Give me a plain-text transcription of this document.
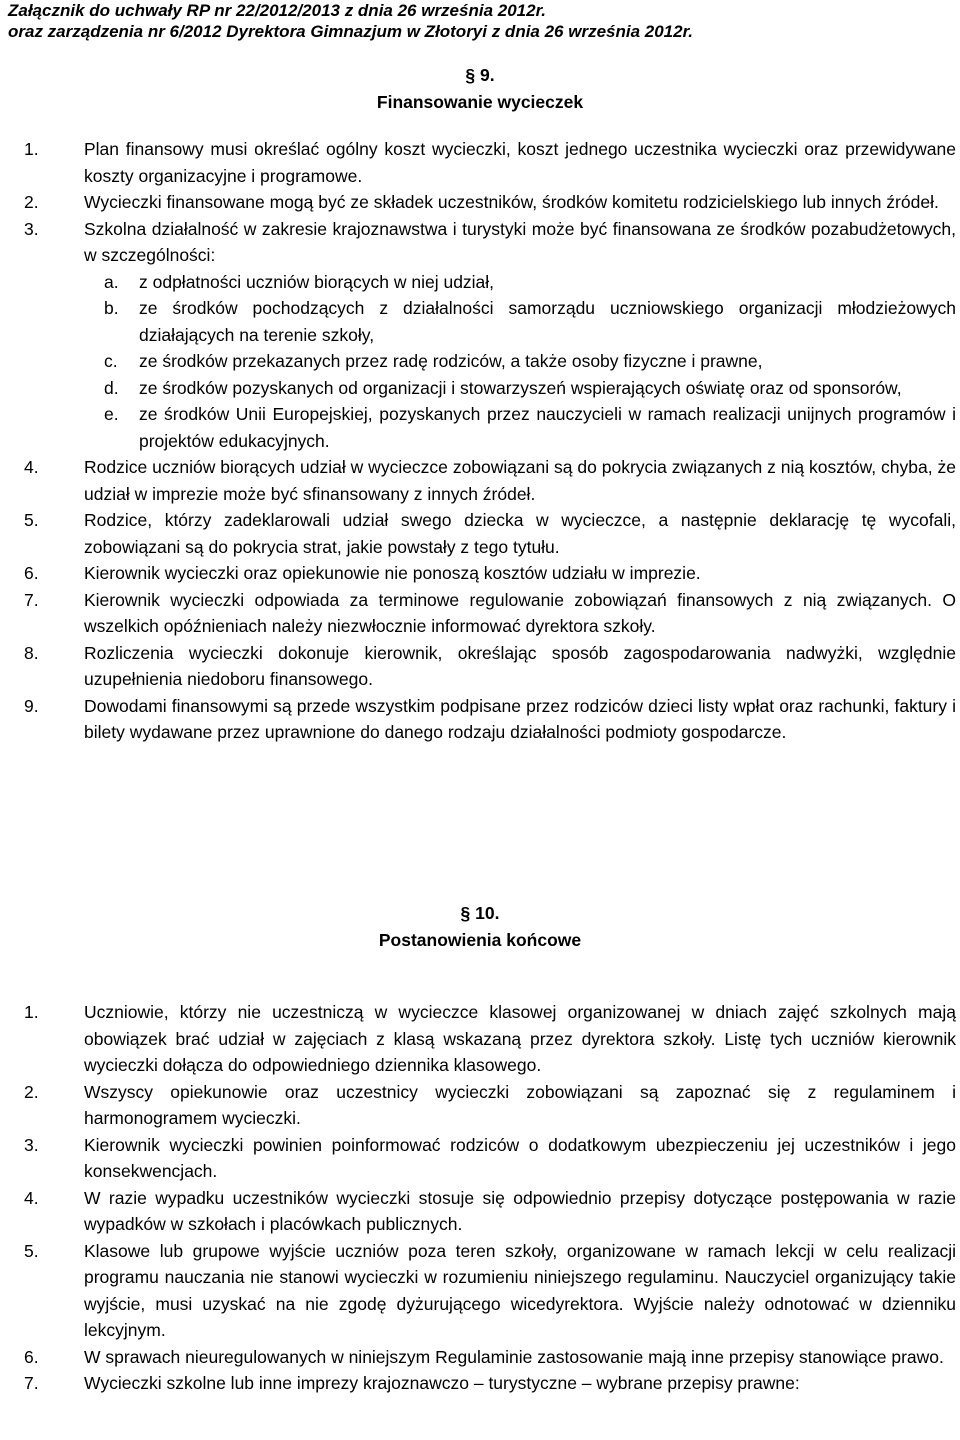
Załącznik do uchwały RP nr 22/2012/2013 z dnia 26 września 2012r.
oraz zarządzenia nr 6/2012 Dyrektora Gimnazjum w Złotoryi z dnia 26 września 2012r.
§ 9.
Finansowanie wycieczek
1.	Plan finansowy musi określać ogólny koszt wycieczki, koszt jednego uczestnika wycieczki oraz przewidywane koszty organizacyjne i programowe.
2.	Wycieczki finansowane mogą być ze składek uczestników, środków komitetu rodzicielskiego lub innych źródeł.
3.	Szkolna działalność w zakresie krajoznawstwa i turystyki może być finansowana ze środków pozabudżetowych, w szczególności:
a. z odpłatności uczniów biorących w niej udział,
b. ze środków pochodzących z działalności samorządu uczniowskiego organizacji młodzieżowych działających na terenie szkoły,
c. ze środków przekazanych przez radę rodziców, a także osoby fizyczne i prawne,
d. ze środków pozyskanych od organizacji i stowarzyszeń wspierających oświatę oraz od sponsorów,
e. ze środków Unii Europejskiej, pozyskanych przez nauczycieli w ramach realizacji unijnych programów i projektów edukacyjnych.
4.	Rodzice uczniów biorących udział w wycieczce zobowiązani są do pokrycia związanych z nią kosztów, chyba, że udział w imprezie może być sfinansowany z innych źródeł.
5.	Rodzice, którzy zadeklarowali udział swego dziecka w wycieczce, a następnie deklarację tę wycofali, zobowiązani są do pokrycia strat, jakie powstały z tego tytułu.
6.	Kierownik wycieczki oraz opiekunowie nie ponoszą kosztów udziału w imprezie.
7.	Kierownik wycieczki odpowiada za terminowe regulowanie zobowiązań finansowych z nią związanych. O wszelkich opóźnieniach należy niezwłocznie informować dyrektora szkoły.
8.	Rozliczenia wycieczki dokonuje kierownik, określając sposób zagospodarowania nadwyżki, względnie uzupełnienia niedoboru finansowego.
9.	Dowodami finansowymi są przede wszystkim podpisane przez rodziców dzieci listy wpłat oraz rachunki, faktury i bilety wydawane przez uprawnione do danego rodzaju działalności podmioty gospodarcze.
§ 10.
Postanowienia końcowe
1.	Uczniowie, którzy nie uczestniczą w wycieczce klasowej organizowanej w dniach zajęć szkolnych mają obowiązek brać udział w zajęciach z klasą wskazaną przez dyrektora szkoły. Listę tych uczniów kierownik wycieczki dołącza do odpowiedniego dziennika klasowego.
2.	Wszyscy opiekunowie oraz uczestnicy wycieczki zobowiązani są zapoznać się z regulaminem i harmonogramem wycieczki.
3.	Kierownik wycieczki powinien poinformować rodziców o dodatkowym ubezpieczeniu jej uczestników i jego konsekwencjach.
4.	W razie wypadku uczestników wycieczki stosuje się odpowiednio przepisy dotyczące postępowania w razie wypadków w szkołach i placówkach publicznych.
5.	Klasowe lub grupowe wyjście uczniów poza teren szkoły, organizowane w ramach lekcji w celu realizacji programu nauczania nie stanowi wycieczki w rozumieniu niniejszego regulaminu. Nauczyciel organizujący takie wyjście, musi uzyskać na nie zgodę dyżurującego wicedyrektora. Wyjście należy odnotować w dzienniku lekcyjnym.
6.	W sprawach nieuregulowanych w niniejszym Regulaminie zastosowanie mają inne przepisy stanowiące prawo.
7.	Wycieczki szkolne lub inne imprezy krajoznawczo – turystyczne – wybrane przepisy prawne:
